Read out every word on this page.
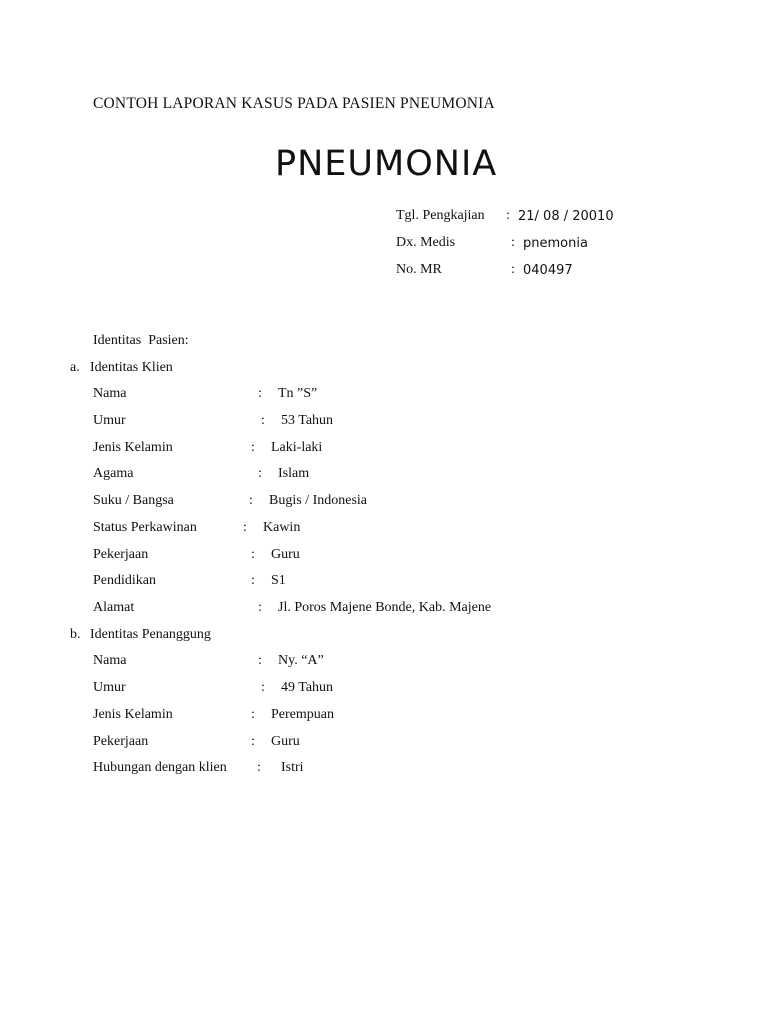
CONTOH LAPORAN KASUS PADA PASIEN PNEUMONIA
PNEUMONIA
Tgl. Pengkajian : 21/ 08 / 20010
Dx. Medis	: pnemonia
No. MR	: 040497
Identitas  Pasien:
a. Identitas Klien
Nama	: Tn ”S”
Umur	: 53 Tahun
Jenis Kelamin	: Laki-laki
Agama	: Islam
Suku / Bangsa	: Bugis / Indonesia
Status Perkawinan	: Kawin
Pekerjaan	: Guru
Pendidikan	: S1
Alamat	: Jl. Poros Majene Bonde, Kab. Majene
b. Identitas Penanggung
Nama	: Ny. “A”
Umur	: 49 Tahun
Jenis Kelamin	: Perempuan
Pekerjaan	: Guru
Hubungan dengan klien : Istri
